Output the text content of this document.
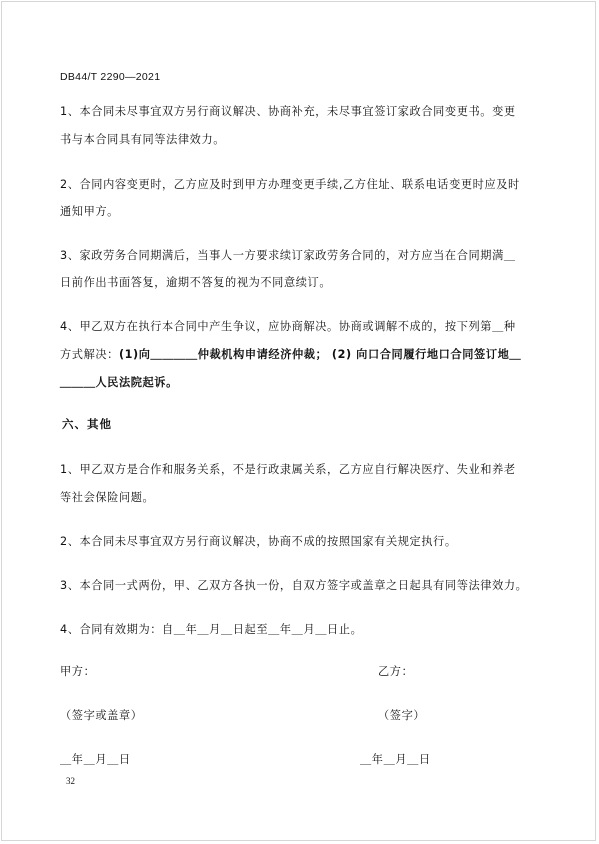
DB44/T 2290—2021
1、本合同未尽事宜双方另行商议解决、协商补充，未尽事宜签订家政合同变更书。变更
书与本合同具有同等法律效力。
2、合同内容变更时，乙方应及时到甲方办理变更手续,乙方住址、联系电话变更时应及时
通知甲方。
3、家政劳务合同期满后，当事人一方要求续订家政劳务合同的，对方应当在合同期满＿
日前作出书面答复，逾期不答复的视为不同意续订。
4、甲乙双方在执行本合同中产生争议，应协商解决。协商或调解不成的，按下列第＿种
方式解决：(1)向＿＿＿＿仲裁机构申请经济仲裁； (2) 向口合同履行地口合同签订地＿
＿＿＿人民法院起诉。
六、其他
1、甲乙双方是合作和服务关系，不是行政隶属关系，乙方应自行解决医疗、失业和养老
等社会保险问题。
2、本合同未尽事宜双方另行商议解决，协商不成的按照国家有关规定执行。
3、本合同一式两份，甲、乙双方各执一份，自双方签字或盖章之日起具有同等法律效力。
4、合同有效期为：自＿年＿月＿日起至＿年＿月＿日止。
甲方：	乙方：
（签字或盖章）	（签字）
＿年＿月＿日	＿年＿月＿日
32
